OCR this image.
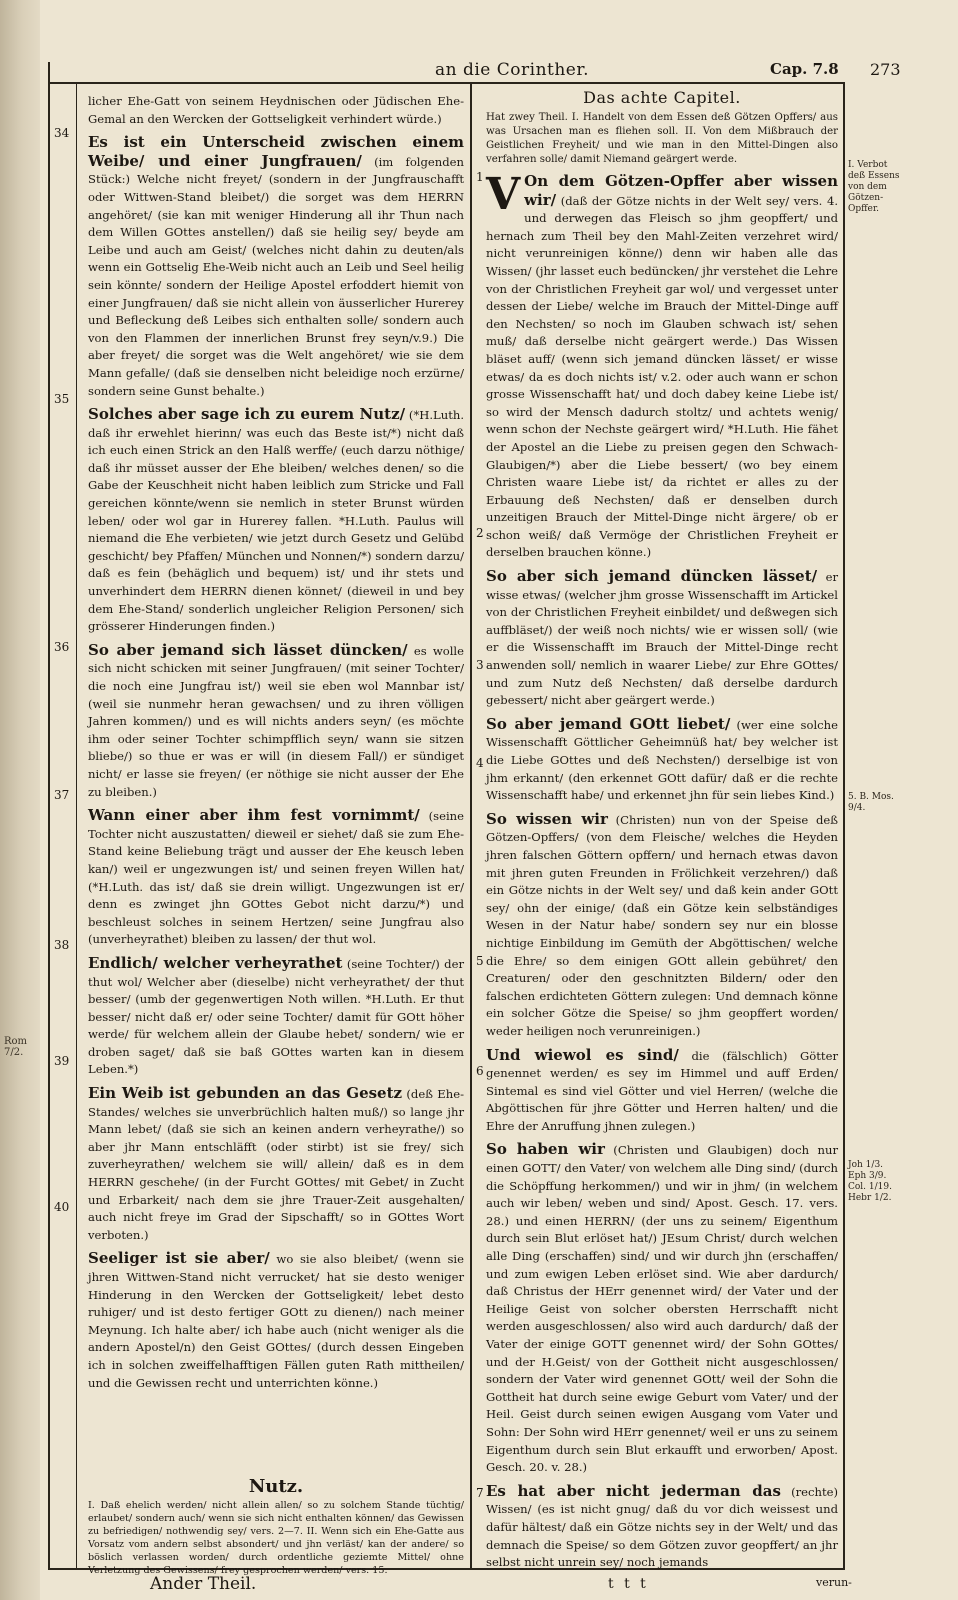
Rom 7/2.
an die Corinther.	Cap. 7.8 273
34
35
36
37
38
39
40
1
2
3
4
5
6
7

licher Ehe-Gatt von seinem Heydnischen oder Jüdischen Ehe-Gemal an den Wercken der Gottseligkeit verhindert würde.)

Es ist ein Unterscheid zwischen einem Weibe/ und einer Jungfrauen/ (im folgenden Stück:) Welche nicht freyet/ (sondern in der Jungfrauschafft oder Wittwen-Stand bleibet/) die sorget was dem HERRN angehöret/ (sie kan mit weniger Hinderung all ihr Thun nach dem Willen GOttes anstellen/) daß sie heilig sey/ beyde am Leibe und auch am Geist/ (welches nicht dahin zu deuten/als wenn ein Gottselig Ehe-Weib nicht auch an Leib und Seel heilig sein könnte/ sondern der Heilige Apostel erfoddert hiemit von einer Jungfrauen/ daß sie nicht allein von äusserlicher Hurerey und Befleckung deß Leibes sich enthalten solle/ sondern auch von den Flammen der innerlichen Brunst frey seyn/v.9.) Die aber freyet/ die sorget was die Welt angehöret/ wie sie dem Mann gefalle/ (daß sie denselben nicht beleidige noch erzürne/ sondern seine Gunst behalte.)

Solches aber sage ich zu eurem Nutz/ (*H.Luth. daß ihr erwehlet hierinn/ was euch das Beste ist/*) nicht daß ich euch einen Strick an den Halß werffe/ (euch darzu nöthige/ daß ihr müsset ausser der Ehe bleiben/ welches denen/ so die Gabe der Keuschheit nicht haben leiblich zum Stricke und Fall gereichen könnte/wenn sie nemlich in steter Brunst würden leben/ oder wol gar in Hurerey fallen. *H.Luth. Paulus will niemand die Ehe verbieten/ wie jetzt durch Gesetz und Gelübd geschicht/ bey Pfaffen/ München und Nonnen/*) sondern darzu/ daß es fein (behäglich und bequem) ist/ und ihr stets und unverhindert dem HERRN dienen könnet/ (dieweil in und bey dem Ehe-Stand/ sonderlich ungleicher Religion Personen/ sich grösserer Hinderungen finden.)

So aber jemand sich lässet düncken/ es wolle sich nicht schicken mit seiner Jungfrauen/ (mit seiner Tochter/ die noch eine Jungfrau ist/) weil sie eben wol Mannbar ist/ (weil sie nunmehr heran gewachsen/ und zu ihren völligen Jahren kommen/) und es will nichts anders seyn/ (es möchte ihm oder seiner Tochter schimpfflich seyn/ wann sie sitzen bliebe/) so thue er was er will (in diesem Fall/) er sündiget nicht/ er lasse sie freyen/ (er nöthige sie nicht ausser der Ehe zu bleiben.)

Wann einer aber ihm fest vornimmt/ (seine Tochter nicht auszustatten/ dieweil er siehet/ daß sie zum Ehe-Stand keine Beliebung trägt und ausser der Ehe keusch leben kan/) weil er ungezwungen ist/ und seinen freyen Willen hat/ (*H.Luth. das ist/ daß sie drein willigt. Ungezwungen ist er/ denn es zwinget jhn GOttes Gebot nicht darzu/*) und beschleust solches in seinem Hertzen/ seine Jungfrau also (unverheyrathet) bleiben zu lassen/ der thut wol.

Endlich/ welcher verheyrathet (seine Tochter/) der thut wol/ Welcher aber (dieselbe) nicht verheyrathet/ der thut besser/ (umb der gegenwertigen Noth willen. *H.Luth. Er thut besser/ nicht daß er/ oder seine Tochter/ damit für GOtt höher werde/ für welchem allein der Glaube hebet/ sondern/ wie er droben saget/ daß sie baß GOttes warten kan in diesem Leben.*)

Ein Weib ist gebunden an das Gesetz (deß Ehe-Standes/ welches sie unverbrüchlich halten muß/) so lange jhr Mann lebet/ (daß sie sich an keinen andern verheyrathe/) so aber jhr Mann entschläfft (oder stirbt) ist sie frey/ sich zuverheyrathen/ welchem sie will/ allein/ daß es in dem HERRN geschehe/ (in der Furcht GOttes/ mit Gebet/ in Zucht und Erbarkeit/ nach dem sie jhre Trauer-Zeit ausgehalten/ auch nicht freye im Grad der Sipschafft/ so in GOttes Wort verboten.)

Seeliger ist sie aber/ wo sie also bleibet/ (wenn sie jhren Wittwen-Stand nicht verrucket/ hat sie desto weniger Hinderung in den Wercken der Gottseligkeit/ lebet desto ruhiger/ und ist desto fertiger GOtt zu dienen/) nach meiner Meynung. Ich halte aber/ ich habe auch (nicht weniger als die andern Apostel/n) den Geist GOttes/ (durch dessen Eingeben ich in solchen zweiffelhafftigen Fällen guten Rath mittheilen/ und die Gewissen recht und unterrichten könne.)

Nutz.

I. Daß ehelich werden/ nicht allein allen/ so zu solchem Stande tüchtig/ erlaubet/ sondern auch/ wenn sie sich nicht enthalten können/ das Gewissen zu befriedigen/ nothwendig sey/ vers. 2—7. II. Wenn sich ein Ehe-Gatte aus Vorsatz vom andern selbst absondert/ und jhn verläst/ kan der andere/ so böslich verlassen worden/ durch ordentliche geziemte Mittel/ ohne Verletzung des Gewissens/ frey gesprochen werden/ vers. 15.

Das achte Capitel.

Hat zwey Theil. I. Handelt von dem Essen deß Götzen Opffers/ aus was Ursachen man es fliehen soll. II. Von dem Mißbrauch der Geistlichen Freyheit/ und wie man in den Mittel-Dingen also verfahren solle/ damit Niemand geärgert werde.

V On dem Götzen-Opffer aber wissen wir/ (daß der Götze nichts in der Welt sey/ vers. 4. und derwegen das Fleisch so jhm geopffert/ und hernach zum Theil bey den Mahl-Zeiten verzehret wird/ nicht verunreinigen könne/) denn wir haben alle das Wissen/ (jhr lasset euch bedüncken/ jhr verstehet die Lehre von der Christlichen Freyheit gar wol/ und vergesset unter dessen der Liebe/ welche im Brauch der Mittel-Dinge auff den Nechsten/ so noch im Glauben schwach ist/ sehen muß/ daß derselbe nicht geärgert werde.) Das Wissen bläset auff/ (wenn sich jemand düncken lässet/ er wisse etwas/ da es doch nichts ist/ v.2. oder auch wann er schon grosse Wissenschafft hat/ und doch dabey keine Liebe ist/ so wird der Mensch dadurch stoltz/ und achtets wenig/ wenn schon der Nechste geärgert wird/ *H.Luth. Hie fähet der Apostel an die Liebe zu preisen gegen den Schwach-Glaubigen/*) aber die Liebe bessert/ (wo bey einem Christen waare Liebe ist/ da richtet er alles zu der Erbauung deß Nechsten/ daß er denselben durch unzeitigen Brauch der Mittel-Dinge nicht ärgere/ ob er schon weiß/ daß Vermöge der Christlichen Freyheit er derselben brauchen könne.)

So aber sich jemand düncken lässet/ er wisse etwas/ (welcher jhm grosse Wissenschafft im Artickel von der Christlichen Freyheit einbildet/ und deßwegen sich auffbläset/) der weiß noch nichts/ wie er wissen soll/ (wie er die Wissenschafft im Brauch der Mittel-Dinge recht anwenden soll/ nemlich in waarer Liebe/ zur Ehre GOttes/ und zum Nutz deß Nechsten/ daß derselbe dardurch gebessert/ nicht aber geärgert werde.)

So aber jemand GOtt liebet/ (wer eine solche Wissenschafft Göttlicher Geheimnüß hat/ bey welcher ist die Liebe GOttes und deß Nechsten/) derselbige ist von jhm erkannt/ (den erkennet GOtt dafür/ daß er die rechte Wissenschafft habe/ und erkennet jhn für sein liebes Kind.)

So wissen wir (Christen) nun von der Speise deß Götzen-Opffers/ (von dem Fleische/ welches die Heyden jhren falschen Göttern opffern/ und hernach etwas davon mit jhren guten Freunden in Frölichkeit verzehren/) daß ein Götze nichts in der Welt sey/ und daß kein ander GOtt sey/ ohn der einige/ (daß ein Götze kein selbständiges Wesen in der Natur habe/ sondern sey nur ein blosse nichtige Einbildung im Gemüth der Abgöttischen/ welche die Ehre/ so dem einigen GOtt allein gebühret/ den Creaturen/ oder den geschnitzten Bildern/ oder den falschen erdichteten Göttern zulegen: Und demnach könne ein solcher Götze die Speise/ so jhm geopffert worden/ weder heiligen noch verunreinigen.)

Und wiewol es sind/ die (fälschlich) Götter genennet werden/ es sey im Himmel und auff Erden/ Sintemal es sind viel Götter und viel Herren/ (welche die Abgöttischen für jhre Götter und Herren halten/ und die Ehre der Anruffung jhnen zulegen.)

So haben wir (Christen und Glaubigen) doch nur einen GOTT/ den Vater/ von welchem alle Ding sind/ (durch die Schöpffung herkommen/) und wir in jhm/ (in welchem auch wir leben/ weben und sind/ Apost. Gesch. 17. vers. 28.) und einen HERRN/ (der uns zu seinem/ Eigenthum durch sein Blut erlöset hat/) JEsum Christ/ durch welchen alle Ding (erschaffen) sind/ und wir durch jhn (erschaffen/ und zum ewigen Leben erlöset sind. Wie aber dardurch/ daß Christus der HErr genennet wird/ der Vater und der Heilige Geist von solcher obersten Herrschafft nicht werden ausgeschlossen/ also wird auch dardurch/ daß der Vater der einige GOTT genennet wird/ der Sohn GOttes/ und der H.Geist/ von der Gottheit nicht ausgeschlossen/ sondern der Vater wird genennet GOtt/ weil der Sohn die Gottheit hat durch seine ewige Geburt vom Vater/ und der Heil. Geist durch seinen ewigen Ausgang vom Vater und Sohn: Der Sohn wird HErr genennet/ weil er uns zu seinem Eigenthum durch sein Blut erkaufft und erworben/ Apost. Gesch. 20. v. 28.)

Es hat aber nicht jederman das (rechte) Wissen/ (es ist nicht gnug/ daß du vor dich weissest und dafür hältest/ daß ein Götze nichts sey in der Welt/ und das demnach die Speise/ so dem Götzen zuvor geopffert/ an jhr selbst nicht unrein sey/ noch jemands

I. Verbot deß Essens von dem Götzen-Opffer.
5. B. Mos. 9/4.
Joh 1/3. Eph 3/9. Col. 1/19. Hebr 1/2.
Ander Theil.	t t t	verun-
